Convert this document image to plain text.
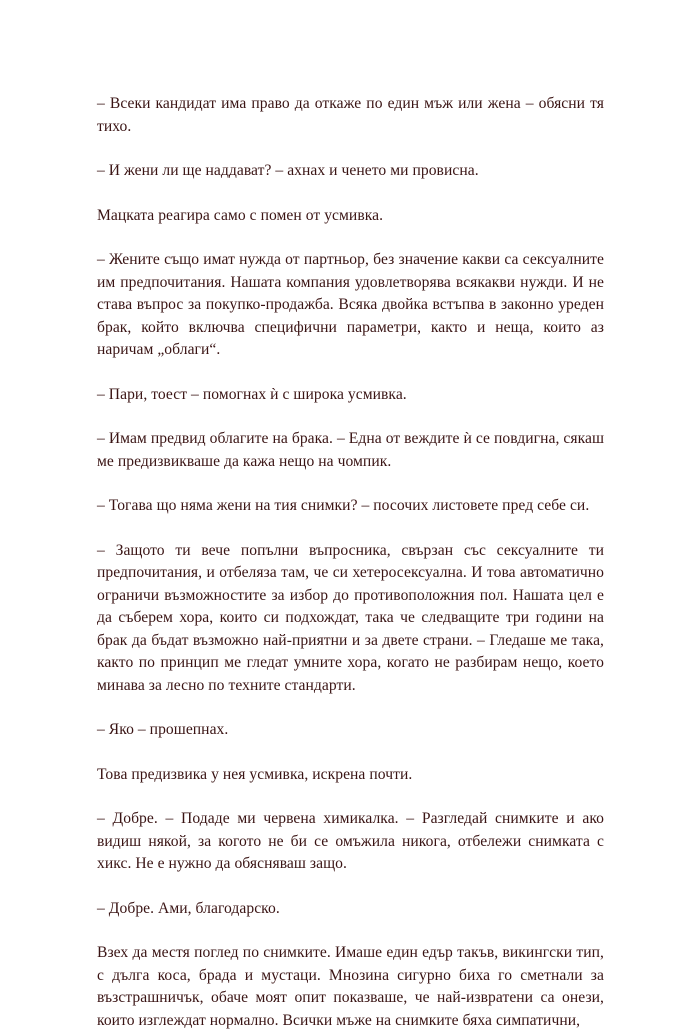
– Всеки кандидат има право да откаже по един мъж или жена – обясни тя тихо.

– И жени ли ще наддават? – ахнах и ченето ми провисна.

Мацката реагира само с помен от усмивка.

– Жените също имат нужда от партньор, без значение какви са сексуалните им предпочитания. Нашата компания удовлетворява всякакви нужди. И не става въпрос за покупко-продажба. Всяка двойка встъпва в законно уреден брак, който включва специфични параметри, както и неща, които аз наричам „облаги“.

– Пари, тоест – помогнах ѝ с широка усмивка.

– Имам предвид облагите на брака. – Една от веждите ѝ се повдигна, сякаш ме предизвикваше да кажа нещо на чомпик.

– Тогава що няма жени на тия снимки? – посочих листовете пред себе си.

– Защото ти вече попълни въпросника, свързан със сексуалните ти предпочитания, и отбеляза там, че си хетеросексуална. И това автоматично ограничи възможностите за избор до противоположния пол. Нашата цел е да съберем хора, които си подхождат, така че следващите три години на брак да бъдат възможно най-приятни и за двете страни. – Гледаше ме така, както по принцип ме гледат умните хора, когато не разбирам нещо, което минава за лесно по техните стандарти.

– Яко – прошепнах.

Това предизвика у нея усмивка, искрена почти.

– Добре. – Подаде ми червена химикалка. – Разгледай снимките и ако видиш някой, за когото не би се омъжила никога, отбележи снимката с хикс. Не е нужно да обясняваш защо.

– Добре. Ами, благодарско.

Взех да местя поглед по снимките. Имаше един едър такъв, викингски тип, с дълга коса, брада и мустаци. Мнозина сигурно биха го сметнали за възстрашничък, обаче моят опит показваше, че най-извратени са онези, които изглеждат нормално. Всички мъже на снимките бяха симпатични,
